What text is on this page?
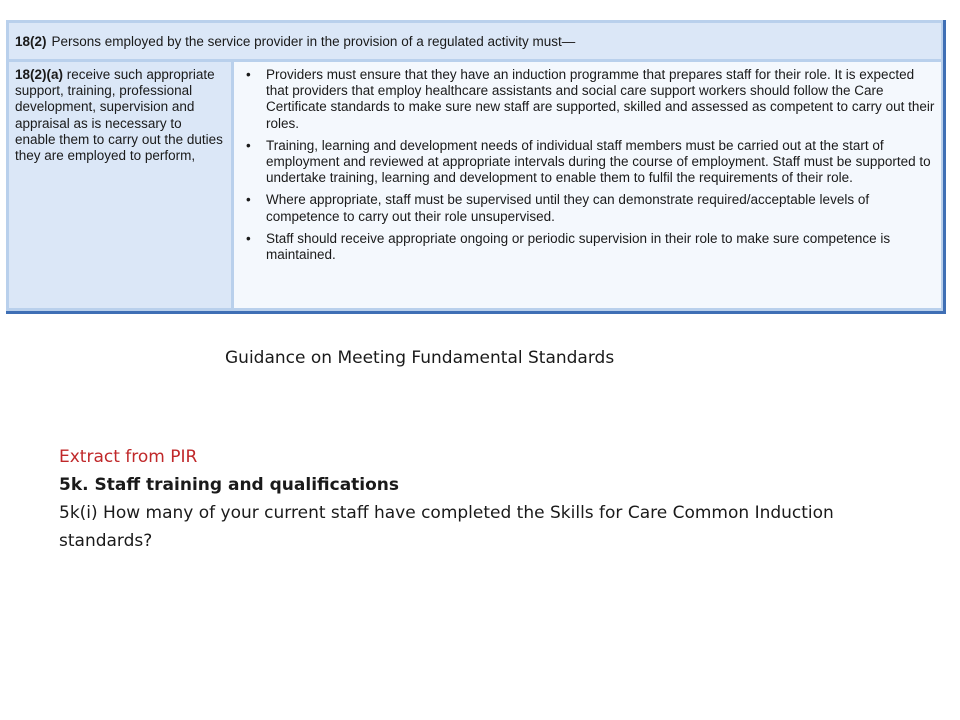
18(2) Persons employed by the service provider in the provision of a regulated activity must—
18(2)(a) receive such appropriate support, training, professional development, supervision and appraisal as is necessary to enable them to carry out the duties they are employed to perform,
• Providers must ensure that they have an induction programme that prepares staff for their role. It is expected that providers that employ healthcare assistants and social care support workers should follow the Care Certificate standards to make sure new staff are supported, skilled and assessed as competent to carry out their roles.
• Training, learning and development needs of individual staff members must be carried out at the start of employment and reviewed at appropriate intervals during the course of employment. Staff must be supported to undertake training, learning and development to enable them to fulfil the requirements of their role.
• Where appropriate, staff must be supervised until they can demonstrate required/acceptable levels of competence to carry out their role unsupervised.
• Staff should receive appropriate ongoing or periodic supervision in their role to make sure competence is maintained.
Guidance on Meeting Fundamental Standards
Extract from PIR
5k. Staff training and qualifications
5k(i) How many of your current staff have completed the Skills for Care Common Induction standards?
